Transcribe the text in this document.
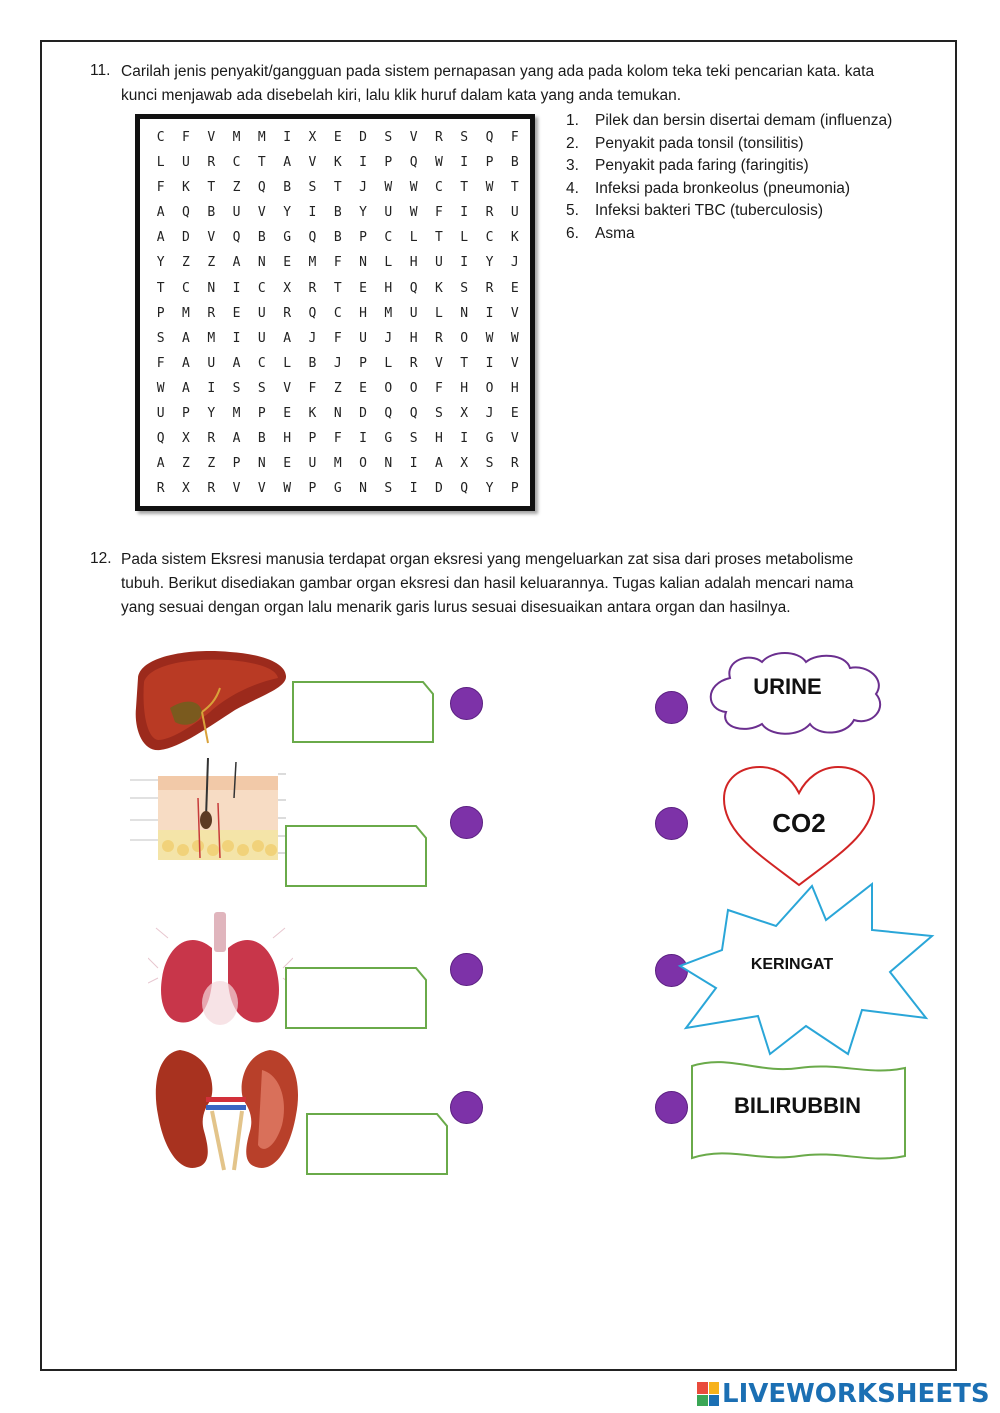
11. Carilah jenis penyakit/gangguan pada sistem pernapasan yang ada pada kolom teka teki pencarian kata. kata
kunci menjawab ada disebelah kiri, lalu klik huruf dalam kata yang anda temukan.
C	F	V	M	M	I	X	E	D	S	V	R	S	Q	F
L	U	R	C	T	A	V	K	I	P	Q	W	I	P	B
F	K	T	Z	Q	B	S	T	J	W	W	C	T	W	T
A	Q	B	U	V	Y	I	B	Y	U	W	F	I	R	U
A	D	V	Q	B	G	Q	B	P	C	L	T	L	C	K
Y	Z	Z	A	N	E	M	F	N	L	H	U	I	Y	J
T	C	N	I	C	X	R	T	E	H	Q	K	S	R	E
P	M	R	E	U	R	Q	C	H	M	U	L	N	I	V
S	A	M	I	U	A	J	F	U	J	H	R	O	W	W
F	A	U	A	C	L	B	J	P	L	R	V	T	I	V
W	A	I	S	S	V	F	Z	E	O	O	F	H	O	H
U	P	Y	M	P	E	K	N	D	Q	Q	S	X	J	E
Q	X	R	A	B	H	P	F	I	G	S	H	I	G	V
A	Z	Z	P	N	E	U	M	O	N	I	A	X	S	R
R	X	R	V	V	W	P	G	N	S	I	D	Q	Y	P
1. Pilek dan bersin disertai demam (influenza)
2. Penyakit pada tonsil (tonsilitis)
3. Penyakit pada faring (faringitis)
4. Infeksi pada bronkeolus (pneumonia)
5. Infeksi bakteri TBC (tuberculosis)
6. Asma
12. Pada sistem Eksresi manusia terdapat organ eksresi yang mengeluarkan zat sisa dari proses metabolisme
tubuh. Berikut disediakan gambar organ eksresi dan hasil keluarannya. Tugas kalian adalah mencari nama
yang sesuai dengan organ lalu menarik garis lurus sesuai disesuaikan antara organ dan hasilnya.
URINE
CO2
KERINGAT
BILIRUBBIN
LIVEWORKSHEETS
